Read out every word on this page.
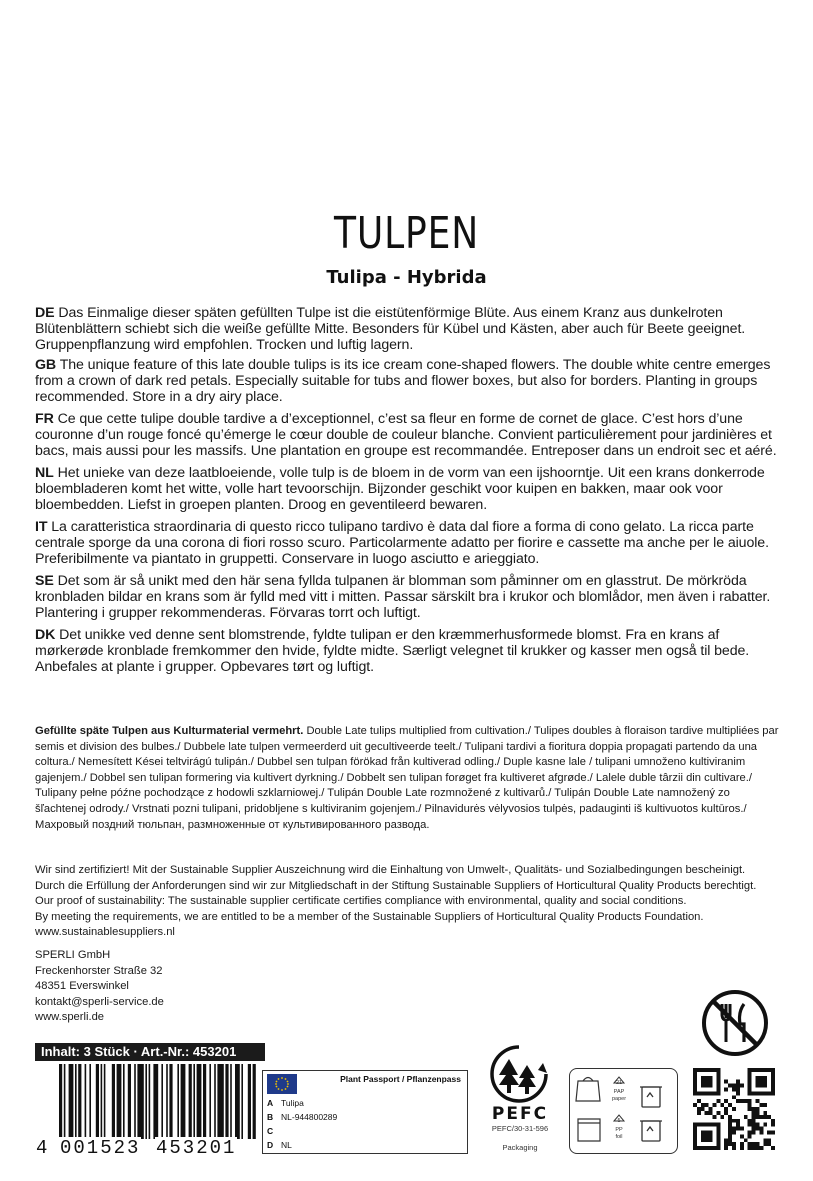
TULPEN
Tulipa - Hybrida
DE Das Einmalige dieser späten gefüllten Tulpe ist die eistütenförmige Blüte. Aus einem Kranz aus dunkelroten Blütenblättern schiebt sich die weiße gefüllte Mitte. Besonders für Kübel und Kästen, aber auch für Beete geeignet. Gruppenpflanzung wird empfohlen. Trocken und luftig lagern.
GB The unique feature of this late double tulips is its ice cream cone-shaped flowers. The double white centre emerges from a crown of dark red petals. Especially suitable for tubs and flower boxes, but also for borders. Planting in groups recommended. Store in a dry airy place.
FR Ce que cette tulipe double tardive a d’exceptionnel, c’est sa fleur en forme de cornet de glace. C’est hors d’une couronne d’un rouge foncé qu’émerge le cœur double de couleur blanche. Convient particulièrement pour jardinières et bacs, mais aussi pour les massifs. Une plantation en groupe est recommandée. Entreposer dans un endroit sec et aéré.
NL Het unieke van deze laatbloeiende, volle tulp is de bloem in de vorm van een ijshoorntje. Uit een krans donkerrode bloembladeren komt het witte, volle hart tevoorschijn. Bijzonder geschikt voor kuipen en bakken, maar ook voor bloembedden. Liefst in groepen planten. Droog en geventileerd bewaren.
IT La caratteristica straordinaria di questo ricco tulipano tardivo è data dal fiore a forma di cono gelato. La ricca parte centrale sporge da una corona di fiori rosso scuro. Particolarmente adatto per fiorire e cassette ma anche per le aiuole. Preferibilmente va piantato in gruppetti. Conservare in luogo asciutto e arieggiato.
SE Det som är så unikt med den här sena fyllda tulpanen är blomman som påminner om en glasstrut. De mörkröda kronbladen bildar en krans som är fylld med vitt i mitten. Passar särskilt bra i krukor och blomlådor, men även i rabatter. Plantering i grupper rekommenderas. Förvaras torrt och luftigt.
DK Det unikke ved denne sent blomstrende, fyldte tulipan er den kræmmerhusformede blomst. Fra en krans af mørkerøde kronblade fremkommer den hvide, fyldte midte. Særligt velegnet til krukker og kasser men også til bede. Anbefales at plante i grupper. Opbevares tørt og luftigt.
Gefüllte späte Tulpen aus Kulturmaterial vermehrt. Double Late tulips multiplied from cultivation./ Tulipes doubles à floraison tardive multipliées par semis et division des bulbes./ Dubbele late tulpen vermeerderd uit gecultiveerde teelt./ Tulipani tardivi a fioritura doppia propagati partendo da una coltura./ Nemesített Kései teltvirágú tulipán./ Dubbel sen tulpan förökad från kultiverad odling./ Duple kasne lale / tulipani umnoženo kultiviranim gajenjem./ Dobbel sen tulipan formering via kultivert dyrkning./ Dobbelt sen tulipan forøget fra kultiveret afgrøde./ Lalele duble târzii din cultivare./ Tulipany pełne późne pochodzące z hodowli szklarniowej./ Tulipán Double Late rozmnožené z kultivarů./ Tulipán Double Late namnožený zo šľachtenej odrody./ Vrstnati pozni tulipani, pridobljene s kultiviranim gojenjem./ Pilnavidurės vėlyvosios tulpės, padauginti iš kultivuotos kultūros./
Махровый поздний тюльпан, размноженные от культивированного развода.
Wir sind zertifiziert! Mit der Sustainable Supplier Auszeichnung wird die Einhaltung von Umwelt-, Qualitäts- und Sozialbedingungen bescheinigt.
Durch die Erfüllung der Anforderungen sind wir zur Mitgliedschaft in der Stiftung Sustainable Suppliers of Horticultural Quality Products berechtigt.
Our proof of sustainability: The sustainable supplier certificate certifies compliance with environmental, quality and social conditions.
By meeting the requirements, we are entitled to be a member of the Sustainable Suppliers of Horticultural Quality Products Foundation.
www.sustainablesuppliers.nl
SPERLI GmbH
Freckenhorster Straße 32
48351 Everswinkel
kontakt@sperli-service.de
www.sperli.de
Inhalt: 3 Stück · Art.-Nr.: 453201
4 001523 453201
Plant Passport / Pflanzenpass
A Tulipa
B NL-944800289
C
D NL
PEFC
PEFC/30-31-596
Packaging
21
PAP
paper
5
PP
foil
